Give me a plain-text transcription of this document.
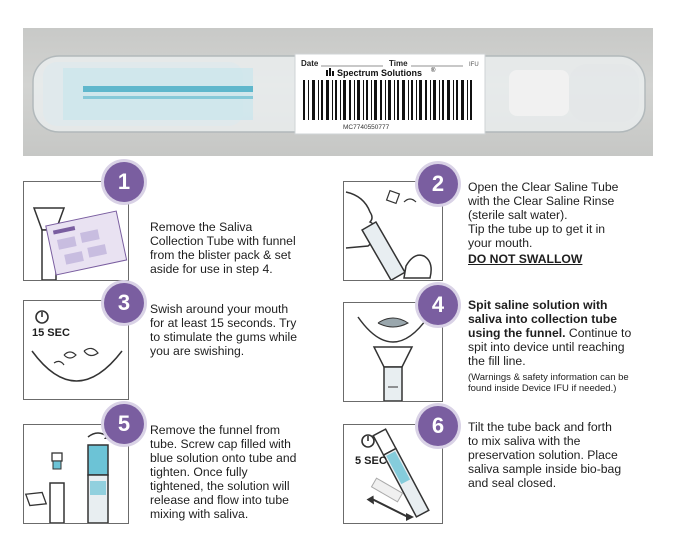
Date	Time	IFU
Spectrum Solutions ®
MC7740550777
1

Remove the Saliva

Collection Tube with funnel

from the blister pack & set

aside for use in step 4.

2 Open the Clear Saline Tube

with the Clear Saline Rinse

(sterile salt water).

Tip the tube up to get it in

your mouth.

DO NOT SWALLOW

15 SEC
3 Swish around your mouth

for at least 15 seconds. Try

to stimulate the gums while

you are swishing.

4 Spit saline solution with

saliva into collection tube

using the funnel. Continue to

spit into device until reaching

the fill line.

(Warnings & safety information can be

found inside Device IFU if needed.)

5 Remove the funnel from

tube. Screw cap filled with

blue solution onto tube and

tighten. Once fully

tightened, the solution will

release and flow into tube

mixing with saliva.

5 SEC
6 Tilt the tube back and forth

to mix saliva with the

preservation solution. Place

saliva sample inside bio-bag

and seal closed.
